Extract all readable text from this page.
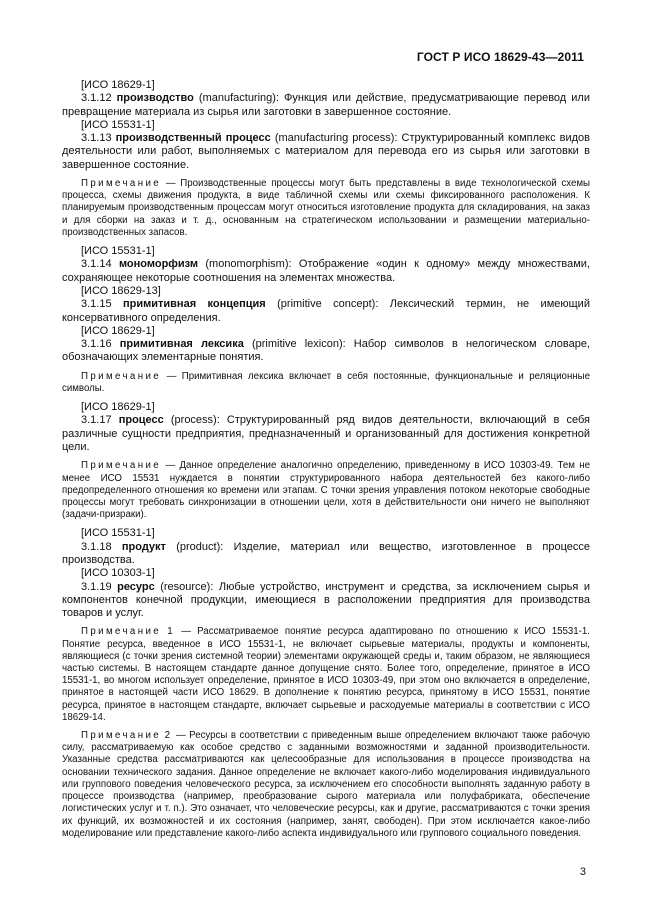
ГОСТ Р ИСО 18629-43—2011

[ИСО 18629-1]

3.1.12 производство (manufacturing): Функция или действие, предусматривающие перевод или превращение материала из сырья или заготовки в завершенное состояние.

[ИСО 15531-1]

3.1.13 производственный процесс (manufacturing process): Структурированный комплекс видов деятельности или работ, выполняемых с материалом для перевода его из сырья или заготовки в завершенное состояние.

Примечание — Производственные процессы могут быть представлены в виде технологической схемы процесса, схемы движения продукта, в виде табличной схемы или схемы фиксированного расположения. К планируемым производственным процессам могут относиться изготовление продукта для складирования, на заказ и для сборки на заказ и т. д., основанным на стратегическом использовании и размещении материально-производственных запасов.

[ИСО 15531-1]

3.1.14 мономорфизм (monomorphism): Отображение «один к одному» между множествами, сохраняющее некоторые соотношения на элементах множества.

[ИСО 18629-13]

3.1.15 примитивная концепция (primitive concept): Лексический термин, не имеющий консервативного определения.

[ИСО 18629-1]

3.1.16 примитивная лексика (primitive lexicon): Набор символов в нелогическом словаре, обозначающих элементарные понятия.

Примечание — Примитивная лексика включает в себя постоянные, функциональные и реляционные символы.

[ИСО 18629-1]

3.1.17 процесс (process): Структурированный ряд видов деятельности, включающий в себя различные сущности предприятия, предназначенный и организованный для достижения конкретной цели.

Примечание — Данное определение аналогично определению, приведенному в ИСО 10303-49. Тем не менее ИСО 15531 нуждается в понятии структурированного набора деятельностей без какого-либо предопределенного отношения ко времени или этапам. С точки зрения управления потоком некоторые свободные процессы могут требовать синхронизации в отношении цели, хотя в действительности они ничего не выполняют (задачи-призраки).

[ИСО 15531-1]

3.1.18 продукт (product): Изделие, материал или вещество, изготовленное в процессе производства.

[ИСО 10303-1]

3.1.19 ресурс (resource): Любые устройство, инструмент и средства, за исключением сырья и компонентов конечной продукции, имеющиеся в расположении предприятия для производства товаров и услуг.

Примечание 1 — Рассматриваемое понятие ресурса адаптировано по отношению к ИСО 15531-1. Понятие ресурса, введенное в ИСО 15531-1, не включает сырьевые материалы, продукты и компоненты, являющиеся (с точки зрения системной теории) элементами окружающей среды и, таким образом, не являющиеся частью системы. В настоящем стандарте данное допущение снято. Более того, определение, принятое в ИСО 15531-1, во многом использует определение, принятое в ИСО 10303-49, при этом оно включается в определение, принятое в настоящей части ИСО 18629. В дополнение к понятию ресурса, принятому в ИСО 15531, понятие ресурса, принятое в настоящем стандарте, включает сырьевые и расходуемые материалы в соответствии с ИСО 18629-14.

Примечание 2 — Ресурсы в соответствии с приведенным выше определением включают также рабочую силу, рассматриваемую как особое средство с заданными возможностями и заданной производительности. Указанные средства рассматриваются как целесообразные для использования в процессе производства на основании технического задания. Данное определение не включает какого-либо моделирования индивидуального или группового поведения человеческого ресурса, за исключением его способности выполнять заданную работу в процессе производства (например, преобразование сырого материала или полуфабриката, обеспечение логистических услуг и т. п.). Это означает, что человеческие ресурсы, как и другие, рассматриваются с точки зрения их функций, их возможностей и их состояния (например, занят, свободен). При этом исключается какое-либо моделирование или представление какого-либо аспекта индивидуального или группового социального поведения.

3
